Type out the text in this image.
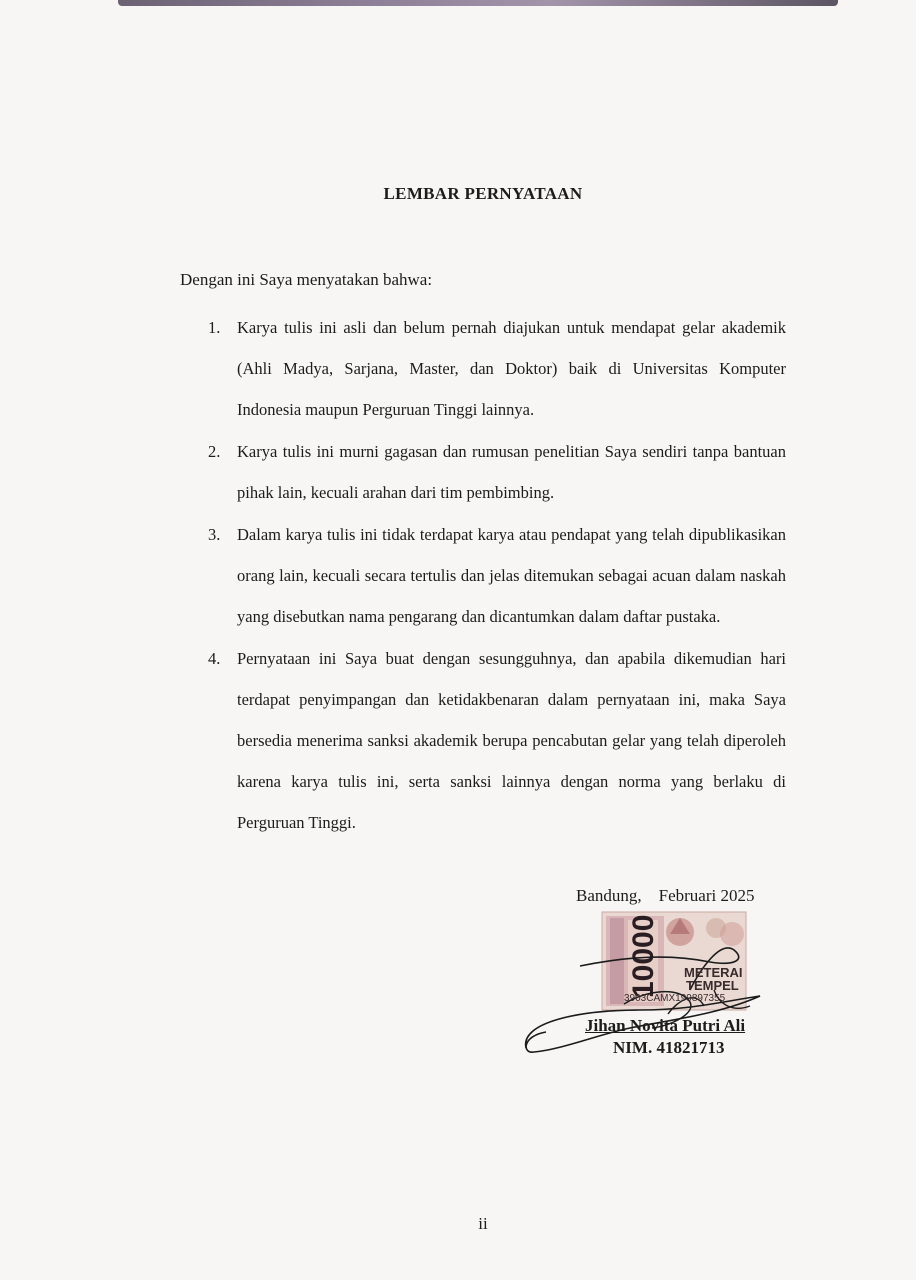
LEMBAR PERNYATAAN
Dengan ini Saya menyatakan bahwa:
1. Karya tulis ini asli dan belum pernah diajukan untuk mendapat gelar akademik (Ahli Madya, Sarjana, Master, dan Doktor) baik di Universitas Komputer Indonesia maupun Perguruan Tinggi lainnya.
2. Karya tulis ini murni gagasan dan rumusan penelitian Saya sendiri tanpa bantuan pihak lain, kecuali arahan dari tim pembimbing.
3. Dalam karya tulis ini tidak terdapat karya atau pendapat yang telah dipublikasikan orang lain, kecuali secara tertulis dan jelas ditemukan sebagai acuan dalam naskah yang disebutkan nama pengarang dan dicantumkan dalam daftar pustaka.
4. Pernyataan ini Saya buat dengan sesungguhnya, dan apabila dikemudian hari terdapat penyimpangan dan ketidakbenaran dalam pernyataan ini, maka Saya bersedia menerima sanksi akademik berupa pencabutan gelar yang telah diperoleh karena karya tulis ini, serta sanksi lainnya dengan norma yang berlaku di Perguruan Tinggi.
Bandung,    Februari 2025
10000 METERAI
TEMPEL
3903CAMX199897355
Jihan Novita Putri Ali
NIM. 41821713
ii
